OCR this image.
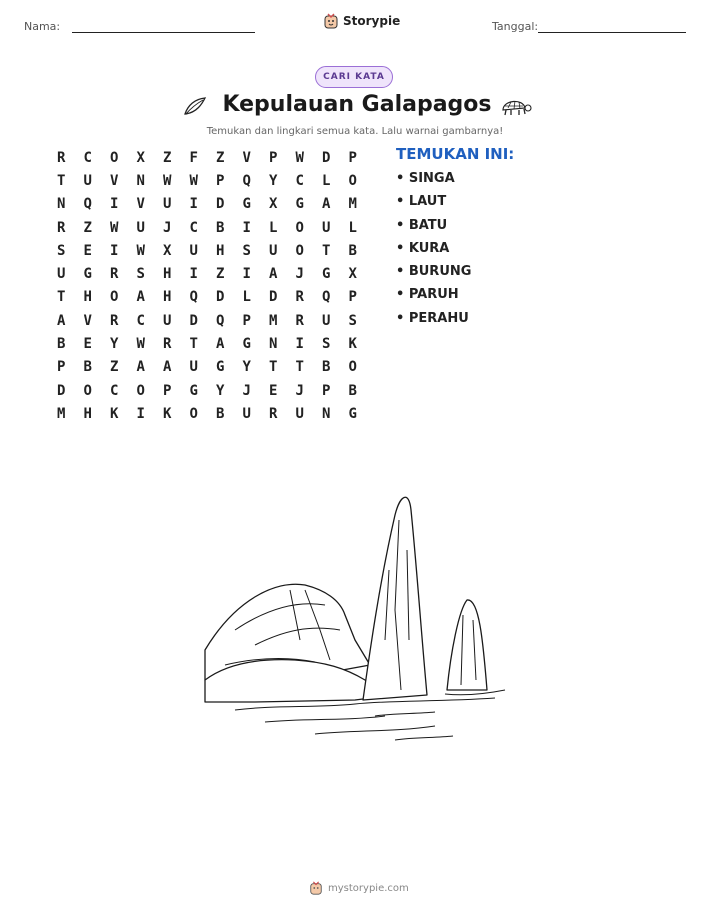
Nama:	Storypie	Tanggal:
CARI KATA
Kepulauan Galapagos
Temukan dan lingkari semua kata. Lalu warnai gambarnya!
R	C	O	X	Z	F	Z	V	P	W	D	P
T	U	V	N	W	W	P	Q	Y	C	L	O
N	Q	I	V	U	I	D	G	X	G	A	M
R	Z	W	U	J	C	B	I	L	O	U	L
S	E	I	W	X	U	H	S	U	O	T	B
U	G	R	S	H	I	Z	I	A	J	G	X
T	H	O	A	H	Q	D	L	D	R	Q	P
A	V	R	C	U	D	Q	P	M	R	U	S
B	E	Y	W	R	T	A	G	N	I	S	K
P	B	Z	A	A	U	G	Y	T	T	B	O
D	O	C	O	P	G	Y	J	E	J	P	B
M	H	K	I	K	O	B	U	R	U	N	G
TEMUKAN INI:
• SINGA
• LAUT
• BATU
• KURA
• BURUNG
• PARUH
• PERAHU
mystorypie.com
